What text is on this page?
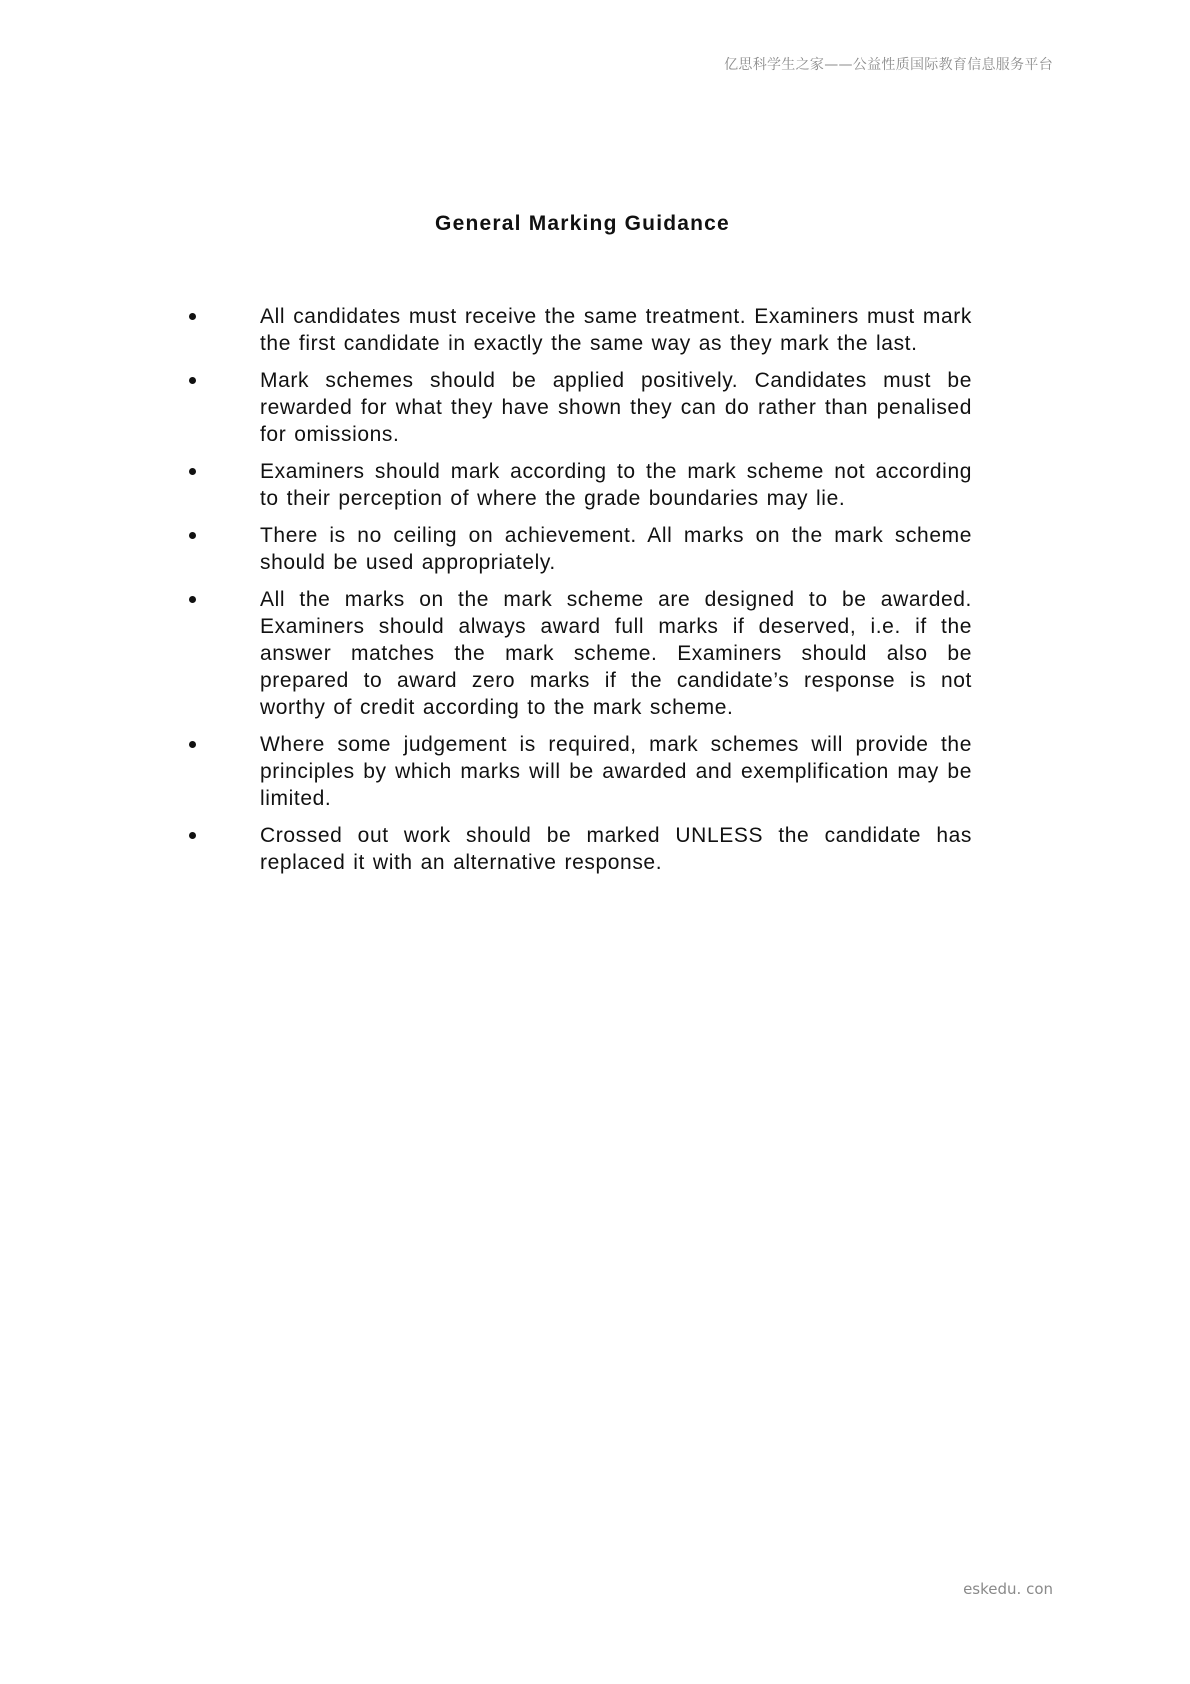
亿思科学生之家——公益性质国际教育信息服务平台
General Marking Guidance
All candidates must receive the same treatment. Examiners must mark the first candidate in exactly the same way as they mark the last.
Mark schemes should be applied positively. Candidates must be rewarded for what they have shown they can do rather than penalised for omissions.
Examiners should mark according to the mark scheme not according to their perception of where the grade boundaries may lie.
There is no ceiling on achievement. All marks on the mark scheme should be used appropriately.
All the marks on the mark scheme are designed to be awarded. Examiners should always award full marks if deserved, i.e. if the answer matches the mark scheme. Examiners should also be prepared to award zero marks if the candidate’s response is not worthy of credit according to the mark scheme.
Where some judgement is required, mark schemes will provide the principles by which marks will be awarded and exemplification may be limited.
Crossed out work should be marked UNLESS the candidate has replaced it with an alternative response.
eskedu. con
